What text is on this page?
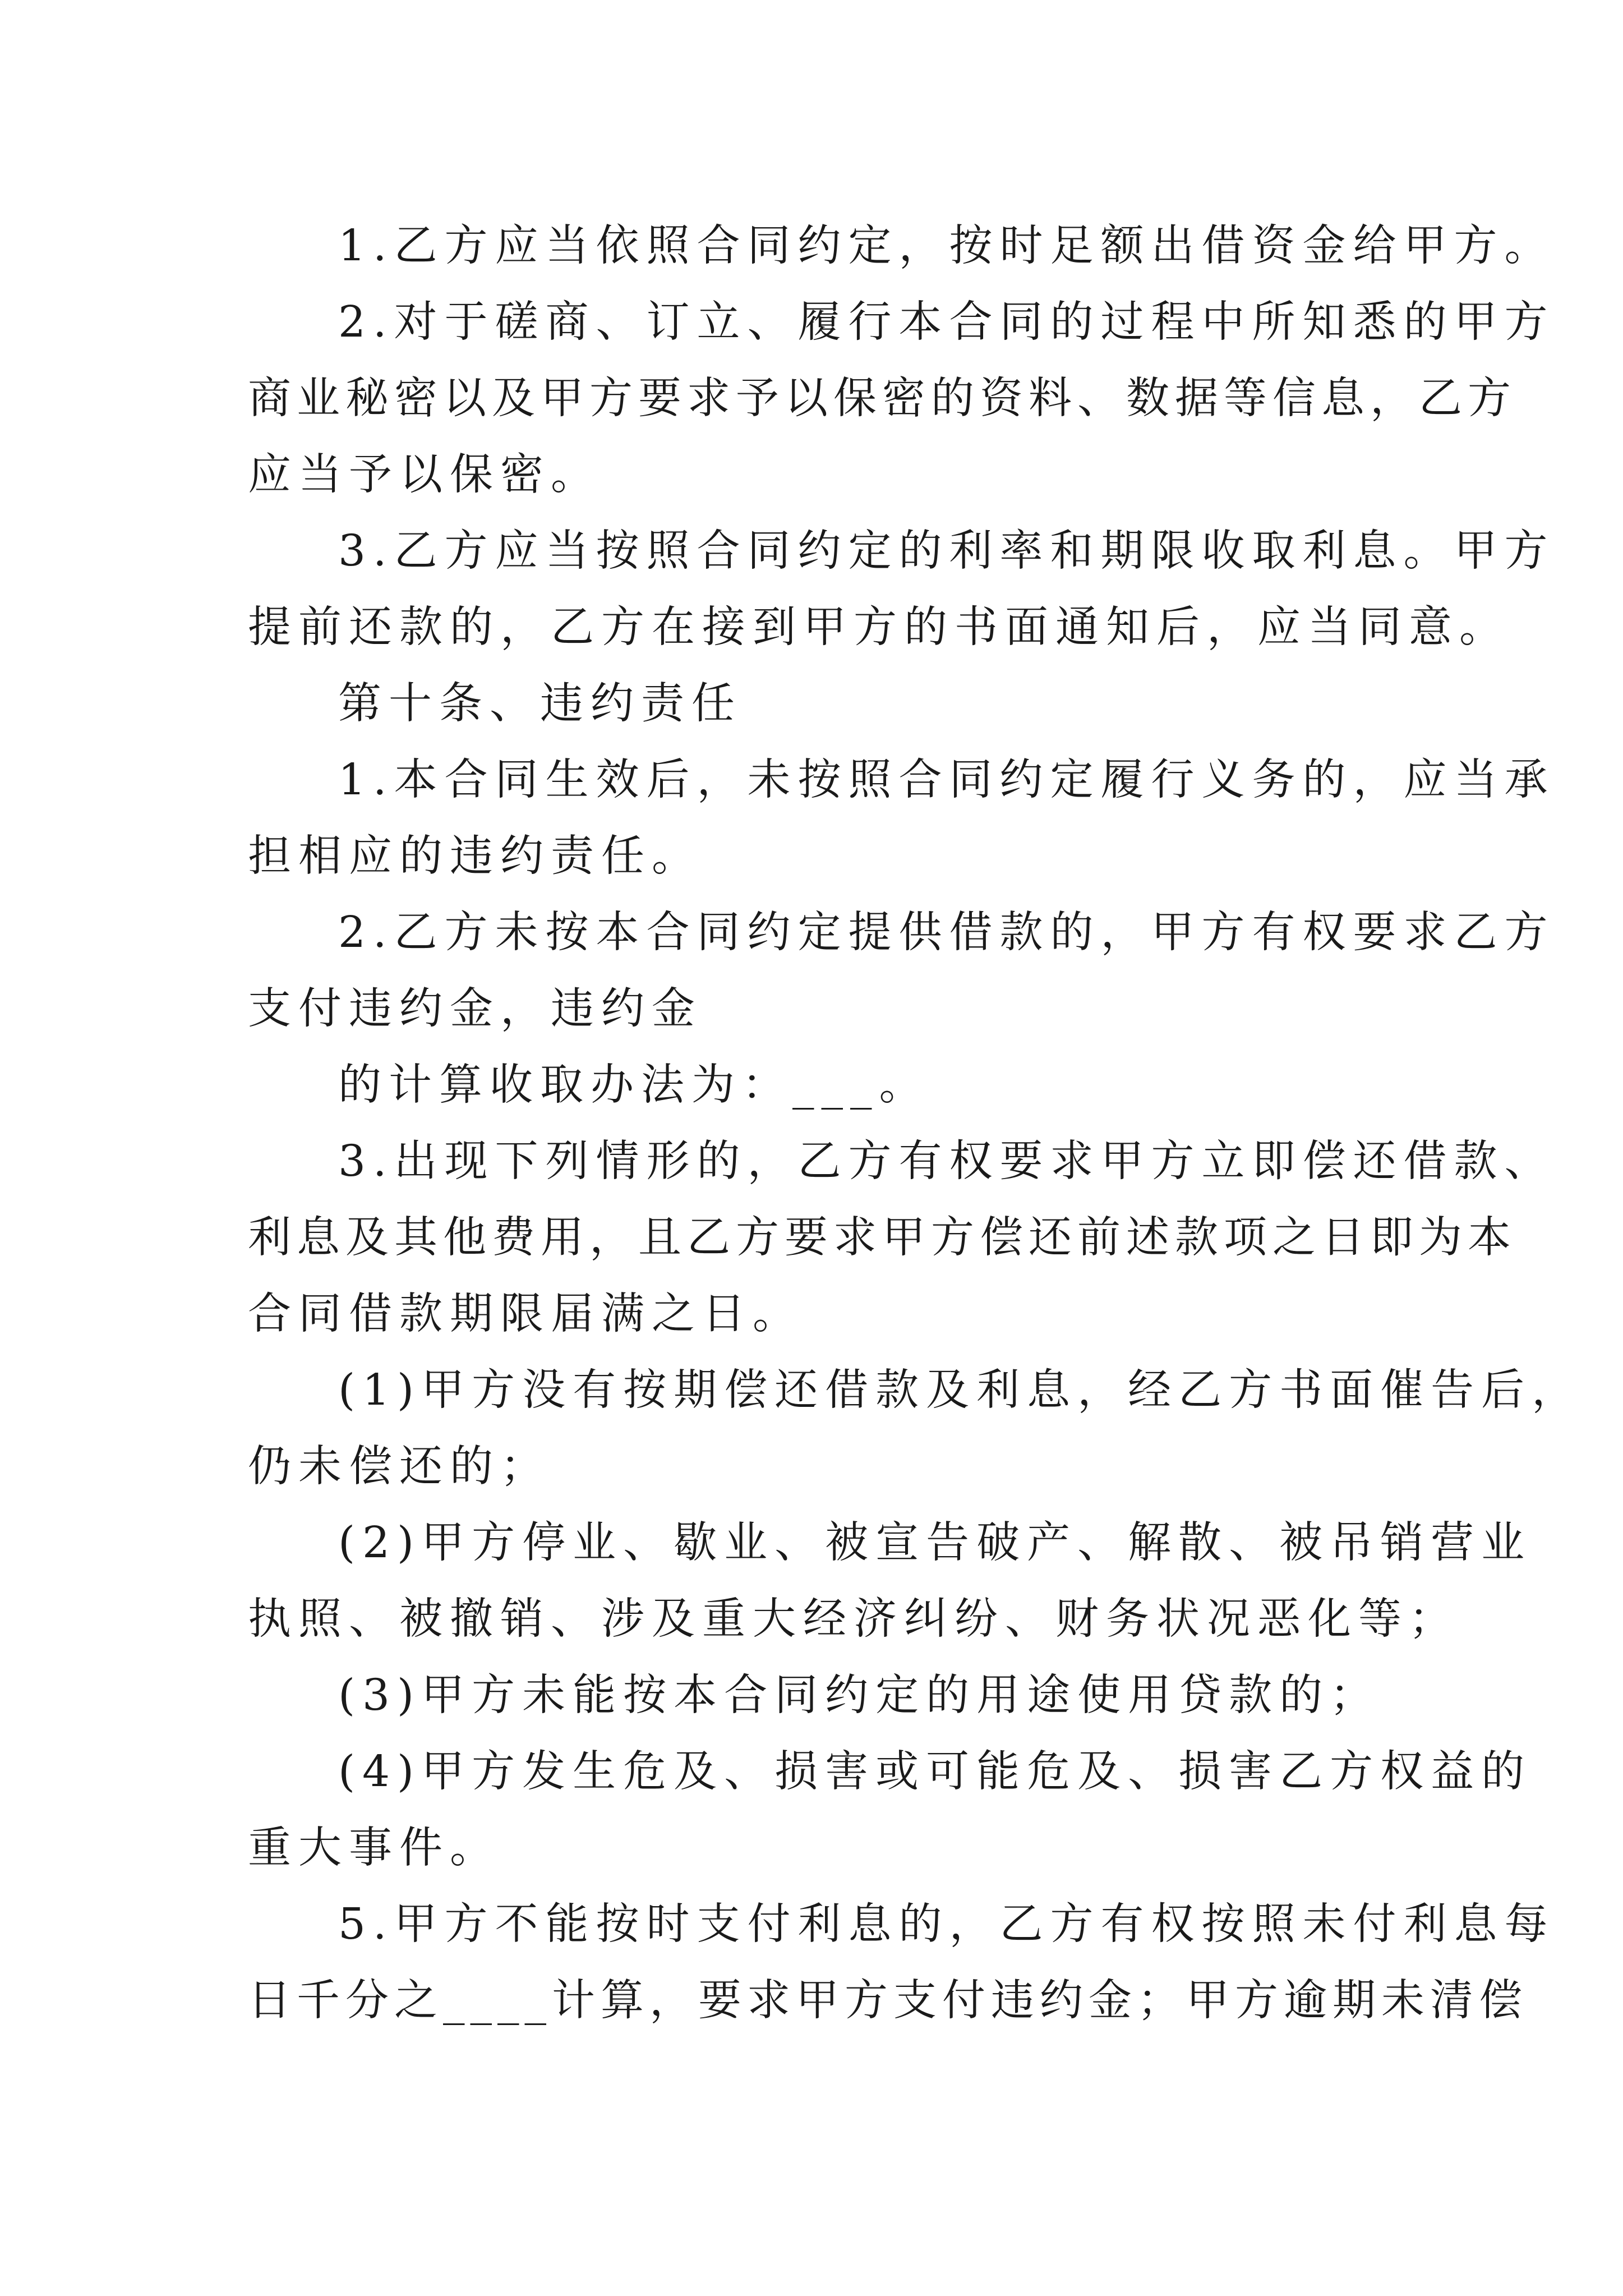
1.乙方应当依照合同约定，按时足额出借资金给甲方。
2.对于磋商、订立、履行本合同的过程中所知悉的甲方
商业秘密以及甲方要求予以保密的资料、数据等信息，乙方
应当予以保密。
3.乙方应当按照合同约定的利率和期限收取利息。甲方
提前还款的，乙方在接到甲方的书面通知后，应当同意。
第十条、违约责任
1.本合同生效后，未按照合同约定履行义务的，应当承
担相应的违约责任。
2.乙方未按本合同约定提供借款的，甲方有权要求乙方
支付违约金，违约金
的计算收取办法为：___。
3.出现下列情形的，乙方有权要求甲方立即偿还借款、
利息及其他费用，且乙方要求甲方偿还前述款项之日即为本
合同借款期限届满之日。
(1)甲方没有按期偿还借款及利息，经乙方书面催告后，
仍未偿还的；
(2)甲方停业、歇业、被宣告破产、解散、被吊销营业
执照、被撤销、涉及重大经济纠纷、财务状况恶化等；
(3)甲方未能按本合同约定的用途使用贷款的；
(4)甲方发生危及、损害或可能危及、损害乙方权益的
重大事件。
5.甲方不能按时支付利息的，乙方有权按照未付利息每
日千分之____计算，要求甲方支付违约金；甲方逾期未清偿
